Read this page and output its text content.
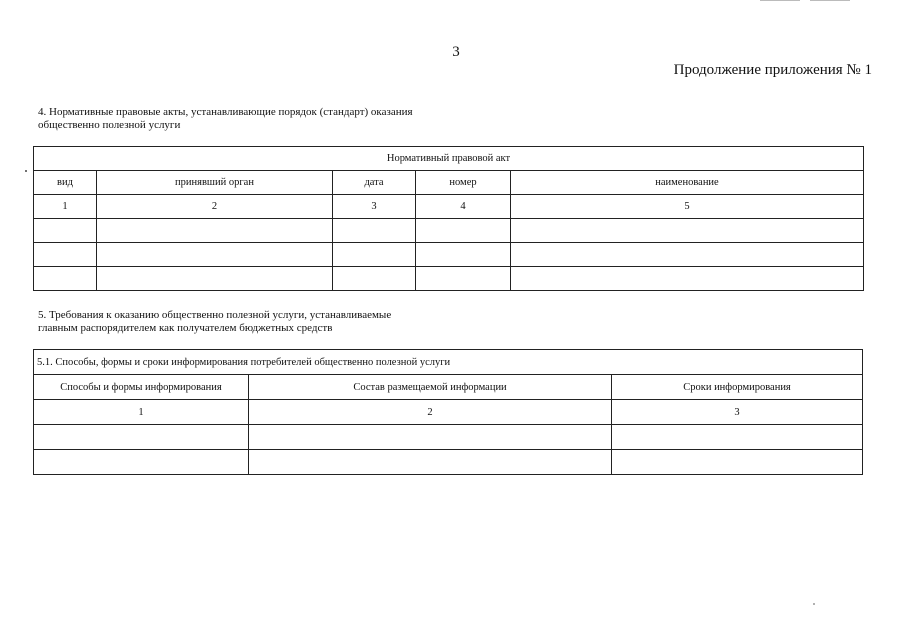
3
Продолжение приложения № 1
4. Нормативные правовые акты, устанавливающие порядок (стандарт) оказания
общественно полезной услуги
Нормативный правовой акт				
вид	принявший орган	дата	номер	наименование
1	2	3	4	5

5. Требования к оказанию общественно полезной услуги, устанавливаемые
главным распорядителем как получателем бюджетных средств
5.1. Способы, формы и сроки информирования потребителей общественно полезной услуги		
Способы и формы информирования	Состав размещаемой информации	Сроки информирования
1	2	3
